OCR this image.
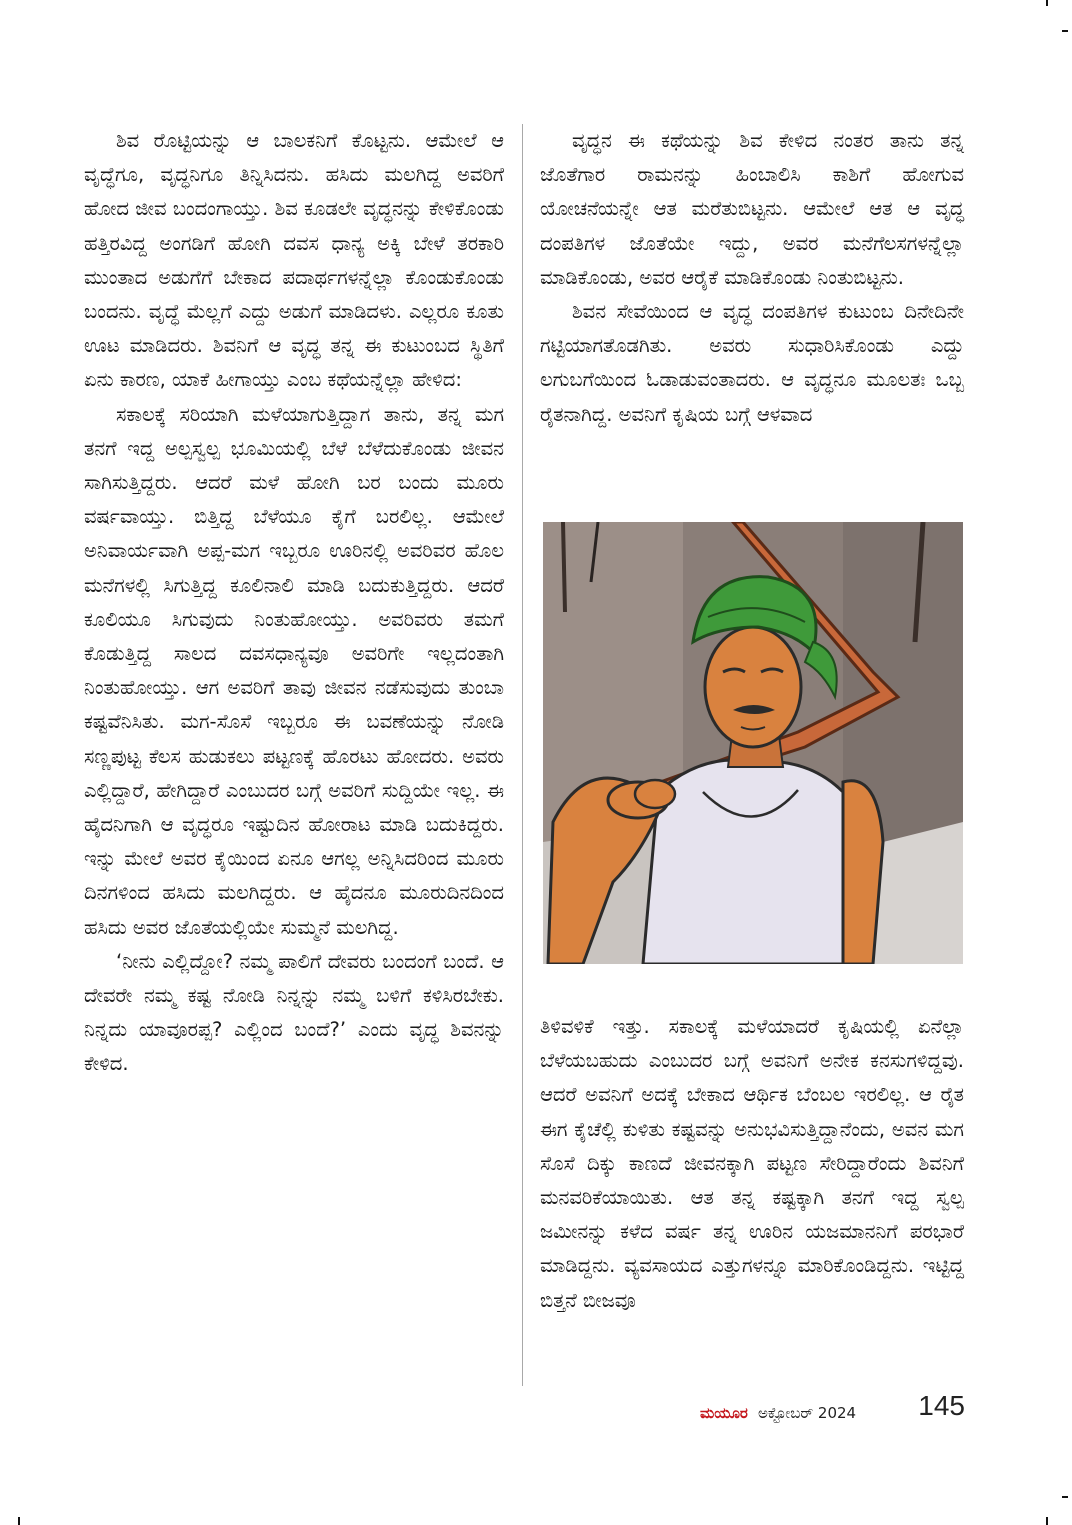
ಶಿವ ರೊಟ್ಟಿಯನ್ನು ಆ ಬಾಲಕನಿಗೆ ಕೊಟ್ಟನು. ಆಮೇಲೆ ಆ ವೃದ್ಧೆಗೂ, ವೃದ್ಧನಿಗೂ ತಿನ್ನಿಸಿದನು. ಹಸಿದು ಮಲಗಿದ್ದ ಅವರಿಗೆ ಹೋದ ಜೀವ ಬಂದಂಗಾಯ್ತು. ಶಿವ ಕೂಡಲೇ ವೃದ್ಧನನ್ನು ಕೇಳಿಕೊಂಡು ಹತ್ತಿರವಿದ್ದ ಅಂಗಡಿಗೆ ಹೋಗಿ ದವಸ ಧಾನ್ಯ ಅಕ್ಕಿ ಬೇಳೆ ತರಕಾರಿ ಮುಂತಾದ ಅಡುಗೆಗೆ ಬೇಕಾದ ಪದಾರ್ಥಗಳನ್ನೆಲ್ಲಾ ಕೊಂಡುಕೊಂಡು ಬಂದನು. ವೃದ್ಧೆ ಮೆಲ್ಲಗೆ ಎದ್ದು ಅಡುಗೆ ಮಾಡಿದಳು. ಎಲ್ಲರೂ ಕೂತು ಊಟ ಮಾಡಿದರು. ಶಿವನಿಗೆ ಆ ವೃದ್ಧ ತನ್ನ ಈ ಕುಟುಂಬದ ಸ್ಥಿತಿಗೆ ಏನು ಕಾರಣ, ಯಾಕೆ ಹೀಗಾಯ್ತು ಎಂಬ ಕಥೆಯನ್ನೆಲ್ಲಾ ಹೇಳಿದ:

ಸಕಾಲಕ್ಕೆ ಸರಿಯಾಗಿ ಮಳೆಯಾಗುತ್ತಿದ್ದಾಗ ತಾನು, ತನ್ನ ಮಗ ತನಗೆ ಇದ್ದ ಅಲ್ಪಸ್ವಲ್ಪ ಭೂಮಿಯಲ್ಲಿ ಬೆಳೆ ಬೆಳೆದುಕೊಂಡು ಜೀವನ ಸಾಗಿಸುತ್ತಿದ್ದರು. ಆದರೆ ಮಳೆ ಹೋಗಿ ಬರ ಬಂದು ಮೂರು ವರ್ಷವಾಯ್ತು. ಬಿತ್ತಿದ್ದ ಬೆಳೆಯೂ ಕೈಗೆ ಬರಲಿಲ್ಲ. ಆಮೇಲೆ ಅನಿವಾರ್ಯವಾಗಿ ಅಪ್ಪ-ಮಗ ಇಬ್ಬರೂ ಊರಿನಲ್ಲಿ ಅವರಿವರ ಹೊಲ ಮನೆಗಳಲ್ಲಿ ಸಿಗುತ್ತಿದ್ದ ಕೂಲಿನಾಲಿ ಮಾಡಿ ಬದುಕುತ್ತಿದ್ದರು. ಆದರೆ ಕೂಲಿಯೂ ಸಿಗುವುದು ನಿಂತುಹೋಯ್ತು. ಅವರಿವರು ತಮಗೆ ಕೊಡುತ್ತಿದ್ದ ಸಾಲದ ದವಸಧಾನ್ಯವೂ ಅವರಿಗೇ ಇಲ್ಲದಂತಾಗಿ ನಿಂತುಹೋಯ್ತು. ಆಗ ಅವರಿಗೆ ತಾವು ಜೀವನ ನಡೆಸುವುದು ತುಂಬಾ ಕಷ್ಟವೆನಿಸಿತು. ಮಗ-ಸೊಸೆ ಇಬ್ಬರೂ ಈ ಬವಣೆಯನ್ನು ನೋಡಿ ಸಣ್ಣಪುಟ್ಟ ಕೆಲಸ ಹುಡುಕಲು ಪಟ್ಟಣಕ್ಕೆ ಹೊರಟು ಹೋದರು. ಅವರು ಎಲ್ಲಿದ್ದಾರೆ, ಹೇಗಿದ್ದಾರೆ ಎಂಬುದರ ಬಗ್ಗೆ ಅವರಿಗೆ ಸುದ್ದಿಯೇ ಇಲ್ಲ. ಈ ಹೈದನಿಗಾಗಿ ಆ ವೃದ್ಧರೂ ಇಷ್ಟುದಿನ ಹೋರಾಟ ಮಾಡಿ ಬದುಕಿದ್ದರು. ಇನ್ನು ಮೇಲೆ ಅವರ ಕೈಯಿಂದ ಏನೂ ಆಗಲ್ಲ ಅನ್ನಿಸಿದರಿಂದ ಮೂರು ದಿನಗಳಿಂದ ಹಸಿದು ಮಲಗಿದ್ದರು. ಆ ಹೈದನೂ ಮೂರುದಿನದಿಂದ ಹಸಿದು ಅವರ ಜೊತೆಯಲ್ಲಿಯೇ ಸುಮ್ಮನೆ ಮಲಗಿದ್ದ.

‘ನೀನು ಎಲ್ಲಿದ್ದೋ? ನಮ್ಮ ಪಾಲಿಗೆ ದೇವರು ಬಂದಂಗೆ ಬಂದೆ. ಆ ದೇವರೇ ನಮ್ಮ ಕಷ್ಟ ನೋಡಿ ನಿನ್ನನ್ನು ನಮ್ಮ ಬಳಿಗೆ ಕಳಿಸಿರಬೇಕು. ನಿನ್ನದು ಯಾವೂರಪ್ಪ? ಎಲ್ಲಿಂದ ಬಂದೆ?’ ಎಂದು ವೃದ್ಧ ಶಿವನನ್ನು ಕೇಳಿದ.

ವೃದ್ಧನ ಈ ಕಥೆಯನ್ನು ಶಿವ ಕೇಳಿದ ನಂತರ ತಾನು ತನ್ನ ಜೊತೆಗಾರ ರಾಮನನ್ನು ಹಿಂಬಾಲಿಸಿ ಕಾಶಿಗೆ ಹೋಗುವ ಯೋಚನೆಯನ್ನೇ ಆತ ಮರೆತುಬಿಟ್ಟನು. ಆಮೇಲೆ ಆತ ಆ ವೃದ್ಧ ದಂಪತಿಗಳ ಜೊತೆಯೇ ಇದ್ದು, ಅವರ ಮನೆಗೆಲಸಗಳನ್ನೆಲ್ಲಾ ಮಾಡಿಕೊಂಡು, ಅವರ ಆರೈಕೆ ಮಾಡಿಕೊಂಡು ನಿಂತುಬಿಟ್ಟನು.

ಶಿವನ ಸೇವೆಯಿಂದ ಆ ವೃದ್ಧ ದಂಪತಿಗಳ ಕುಟುಂಬ ದಿನೇದಿನೇ ಗಟ್ಟಿಯಾಗತೊಡಗಿತು. ಅವರು ಸುಧಾರಿಸಿಕೊಂಡು ಎದ್ದು ಲಗುಬಗೆಯಿಂದ ಓಡಾಡುವಂತಾದರು. ಆ ವೃದ್ಧನೂ ಮೂಲತಃ ಒಬ್ಬ ರೈತನಾಗಿದ್ದ. ಅವನಿಗೆ ಕೃಷಿಯ ಬಗ್ಗೆ ಆಳವಾದ

ತಿಳಿವಳಿಕೆ ಇತ್ತು. ಸಕಾಲಕ್ಕೆ ಮಳೆಯಾದರೆ ಕೃಷಿಯಲ್ಲಿ ಏನೆಲ್ಲಾ ಬೆಳೆಯಬಹುದು ಎಂಬುದರ ಬಗ್ಗೆ ಅವನಿಗೆ ಅನೇಕ ಕನಸುಗಳಿದ್ದವು. ಆದರೆ ಅವನಿಗೆ ಅದಕ್ಕೆ ಬೇಕಾದ ಆರ್ಥಿಕ ಬೆಂಬಲ ಇರಲಿಲ್ಲ. ಆ ರೈತ ಈಗ ಕೈಚೆಲ್ಲಿ ಕುಳಿತು ಕಷ್ಟವನ್ನು ಅನುಭವಿಸುತ್ತಿದ್ದಾನೆಂದು, ಅವನ ಮಗ ಸೊಸೆ ದಿಕ್ಕು ಕಾಣದೆ ಜೀವನಕ್ಕಾಗಿ ಪಟ್ಟಣ ಸೇರಿದ್ದಾರೆಂದು ಶಿವನಿಗೆ ಮನವರಿಕೆಯಾಯಿತು. ಆತ ತನ್ನ ಕಷ್ಟಕ್ಕಾಗಿ ತನಗೆ ಇದ್ದ ಸ್ವಲ್ಪ ಜಮೀನನ್ನು ಕಳೆದ ವರ್ಷ ತನ್ನ ಊರಿನ ಯಜಮಾನನಿಗೆ ಪರಭಾರೆ ಮಾಡಿದ್ದನು. ವ್ಯವಸಾಯದ ಎತ್ತುಗಳನ್ನೂ ಮಾರಿಕೊಂಡಿದ್ದನು. ಇಟ್ಟಿದ್ದ ಬಿತ್ತನೆ ಬೀಜವೂ

ಮಯೂರ ಅಕ್ಟೋಬರ್ 2024 145
